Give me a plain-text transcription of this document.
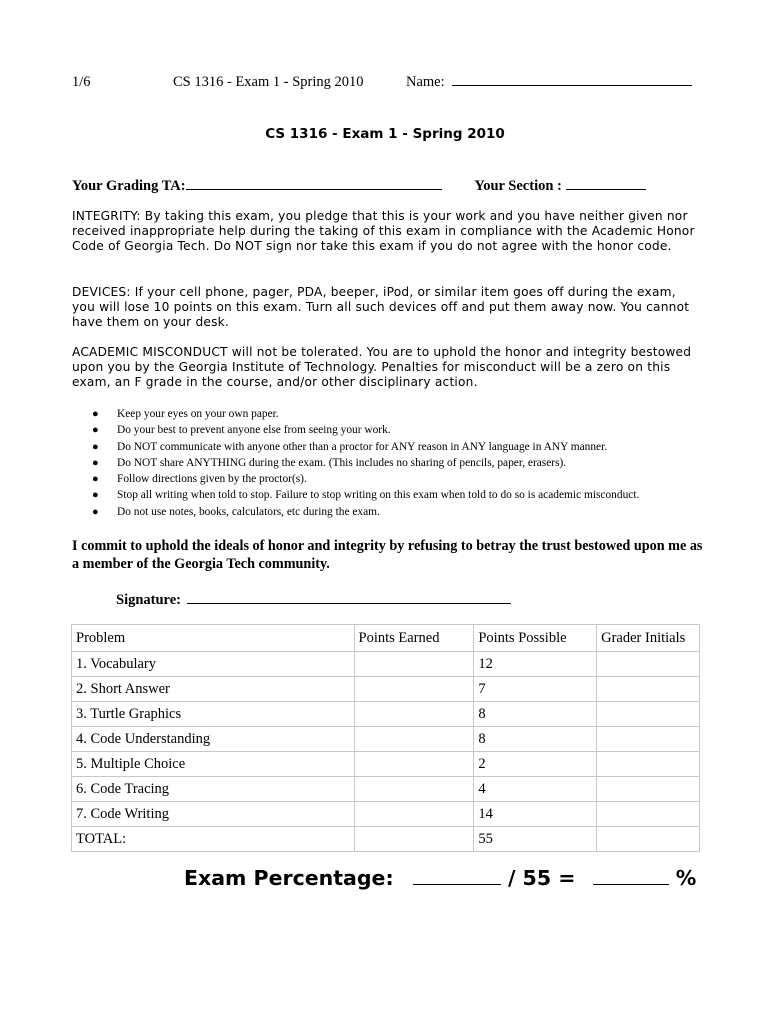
1/6	CS 1316 - Exam 1 - Spring 2010	Name:
CS 1316 - Exam 1 - Spring 2010
Your Grading TA:	Your Section :
INTEGRITY: By taking this exam, you pledge that this is your work and you have neither given nor received inappropriate help during the taking of this exam in compliance with the Academic Honor Code of Georgia Tech. Do NOT sign nor take this exam if you do not agree with the honor code.
DEVICES: If your cell phone, pager, PDA, beeper, iPod, or similar item goes off during the exam, you will lose 10 points on this exam. Turn all such devices off and put them away now. You cannot have them on your desk.
ACADEMIC MISCONDUCT will not be tolerated. You are to uphold the honor and integrity bestowed upon you by the Georgia Institute of Technology. Penalties for misconduct will be a zero on this exam, an F grade in the course, and/or other disciplinary action.
● Keep your eyes on your own paper.
● Do your best to prevent anyone else from seeing your work.
● Do NOT communicate with anyone other than a proctor for ANY reason in ANY language in ANY manner.
● Do NOT share ANYTHING during the exam. (This includes no sharing of pencils, paper, erasers).
● Follow directions given by the proctor(s).
● Stop all writing when told to stop. Failure to stop writing on this exam when told to do so is academic misconduct.
● Do not use notes, books, calculators, etc during the exam.
I commit to uphold the ideals of honor and integrity by refusing to betray the trust bestowed upon me as a member of the Georgia Tech community.
Signature:
Problem	Points Earned	Points Possible	Grader Initials
1. Vocabulary		12	
2. Short Answer		7	
3. Turtle Graphics		8	
4. Code Understanding		8	
5. Multiple Choice		2	
6. Code Tracing		4	
7. Code Writing		14	
TOTAL:		55	
Exam Percentage:	/ 55 =	%
